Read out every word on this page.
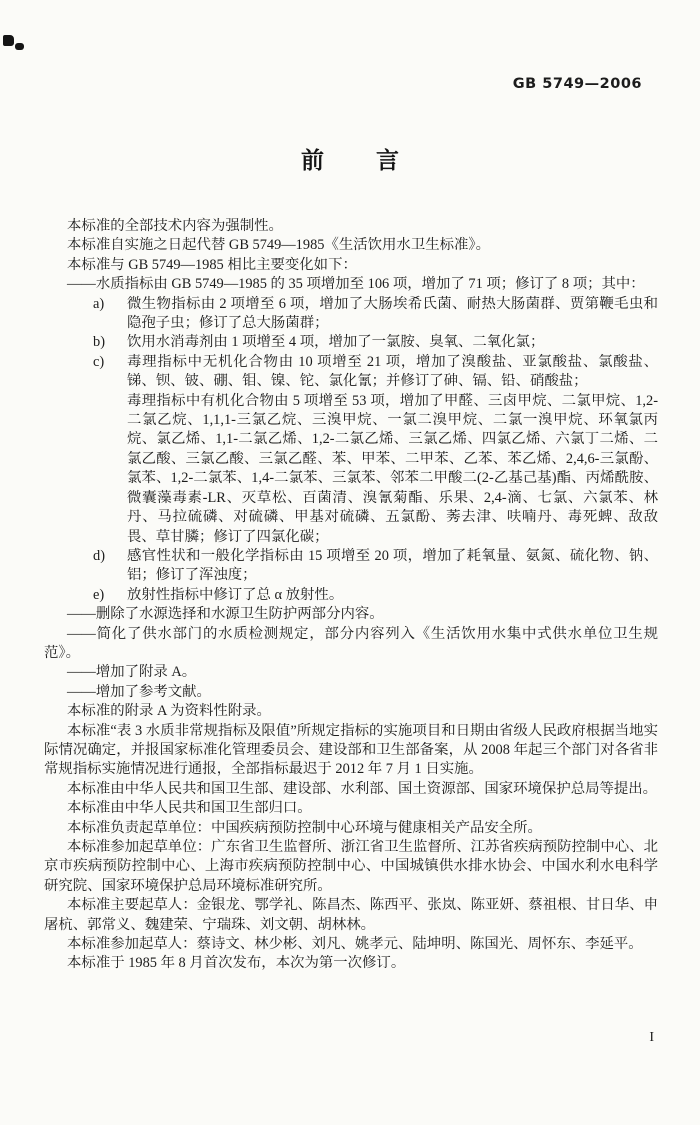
GB 5749—2006
前 言

本标准的全部技术内容为强制性。

本标准自实施之日起代替 GB 5749—1985《生活饮用水卫生标准》。

本标准与 GB 5749—1985 相比主要变化如下：

——水质指标由 GB 5749—1985 的 35 项增加至 106 项，增加了 71 项；修订了 8 项；其中：

a)	微生物指标由 2 项增至 6 项，增加了大肠埃希氏菌、耐热大肠菌群、贾第鞭毛虫和隐孢子虫；修订了总大肠菌群；
b)	饮用水消毒剂由 1 项增至 4 项，增加了一氯胺、臭氧、二氧化氯；
c)	毒理指标中无机化合物由 10 项增至 21 项，增加了溴酸盐、亚氯酸盐、氯酸盐、锑、钡、铍、硼、钼、镍、铊、氯化氰；并修订了砷、镉、铅、硝酸盐；
毒理指标中有机化合物由 5 项增至 53 项，增加了甲醛、三卤甲烷、二氯甲烷、1,2-二氯乙烷、1,1,1-三氯乙烷、三溴甲烷、一氯二溴甲烷、二氯一溴甲烷、环氧氯丙烷、氯乙烯、1,1-二氯乙烯、1,2-二氯乙烯、三氯乙烯、四氯乙烯、六氯丁二烯、二氯乙酸、三氯乙酸、三氯乙醛、苯、甲苯、二甲苯、乙苯、苯乙烯、2,4,6-三氯酚、氯苯、1,2-二氯苯、1,4-二氯苯、三氯苯、邻苯二甲酸二(2-乙基己基)酯、丙烯酰胺、微囊藻毒素-LR、灭草松、百菌清、溴氰菊酯、乐果、2,4-滴、七氯、六氯苯、林丹、马拉硫磷、对硫磷、甲基对硫磷、五氯酚、莠去津、呋喃丹、毒死蜱、敌敌畏、草甘膦；修订了四氯化碳；
d)	感官性状和一般化学指标由 15 项增至 20 项，增加了耗氧量、氨氮、硫化物、钠、铝；修订了浑浊度；
e)	放射性指标中修订了总 α 放射性。

——删除了水源选择和水源卫生防护两部分内容。

——简化了供水部门的水质检测规定，部分内容列入《生活饮用水集中式供水单位卫生规范》。

——增加了附录 A。

——增加了参考文献。

本标准的附录 A 为资料性附录。

本标准“表 3 水质非常规指标及限值”所规定指标的实施项目和日期由省级人民政府根据当地实际情况确定，并报国家标准化管理委员会、建设部和卫生部备案，从 2008 年起三个部门对各省非常规指标实施情况进行通报，全部指标最迟于 2012 年 7 月 1 日实施。

本标准由中华人民共和国卫生部、建设部、水利部、国土资源部、国家环境保护总局等提出。

本标准由中华人民共和国卫生部归口。

本标准负责起草单位：中国疾病预防控制中心环境与健康相关产品安全所。

本标准参加起草单位：广东省卫生监督所、浙江省卫生监督所、江苏省疾病预防控制中心、北京市疾病预防控制中心、上海市疾病预防控制中心、中国城镇供水排水协会、中国水利水电科学研究院、国家环境保护总局环境标准研究所。

本标准主要起草人：金银龙、鄂学礼、陈昌杰、陈西平、张岚、陈亚妍、蔡祖根、甘日华、申屠杭、郭常义、魏建荣、宁瑞珠、刘文朝、胡林林。

本标准参加起草人：蔡诗文、林少彬、刘凡、姚孝元、陆坤明、陈国光、周怀东、李延平。

本标准于 1985 年 8 月首次发布，本次为第一次修订。

I
